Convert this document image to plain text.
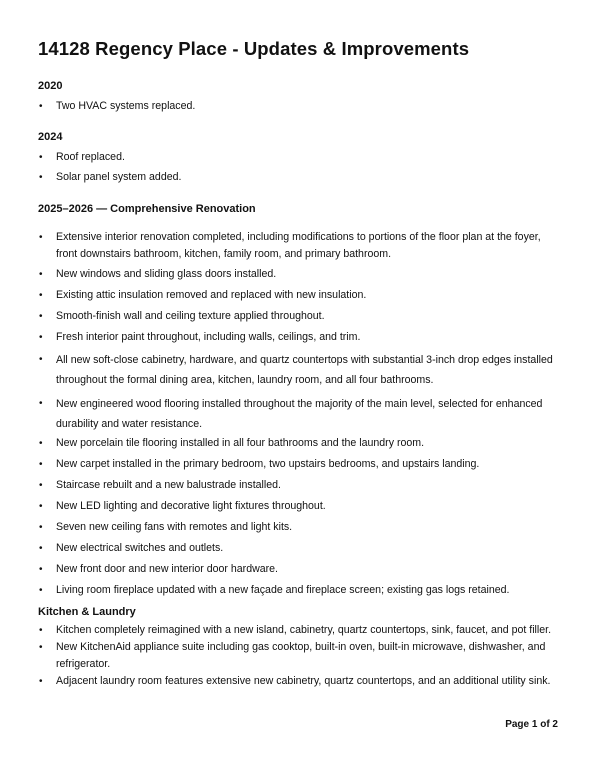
14128 Regency Place - Updates & Improvements
2020
• Two HVAC systems replaced.
2024
• Roof replaced.
• Solar panel system added.
2025–2026 — Comprehensive Renovation
• Extensive interior renovation completed, including modifications to portions of the floor plan at the foyer, front downstairs bathroom, kitchen, family room, and primary bathroom.
• New windows and sliding glass doors installed.
• Existing attic insulation removed and replaced with new insulation.
• Smooth-finish wall and ceiling texture applied throughout.
• Fresh interior paint throughout, including walls, ceilings, and trim.
• All new soft-close cabinetry, hardware, and quartz countertops with substantial 3-inch drop edges installed throughout the formal dining area, kitchen, laundry room, and all four bathrooms.
• New engineered wood flooring installed throughout the majority of the main level, selected for enhanced durability and water resistance.
• New porcelain tile flooring installed in all four bathrooms and the laundry room.
• New carpet installed in the primary bedroom, two upstairs bedrooms, and upstairs landing.
• Staircase rebuilt and a new balustrade installed.
• New LED lighting and decorative light fixtures throughout.
• Seven new ceiling fans with remotes and light kits.
• New electrical switches and outlets.
• New front door and new interior door hardware.
• Living room fireplace updated with a new façade and fireplace screen; existing gas logs retained.
Kitchen & Laundry
• Kitchen completely reimagined with a new island, cabinetry, quartz countertops, sink, faucet, and pot filler.
• New KitchenAid appliance suite including gas cooktop, built-in oven, built-in microwave, dishwasher, and refrigerator.
• Adjacent laundry room features extensive new cabinetry, quartz countertops, and an additional utility sink.
Page 1 of 2
